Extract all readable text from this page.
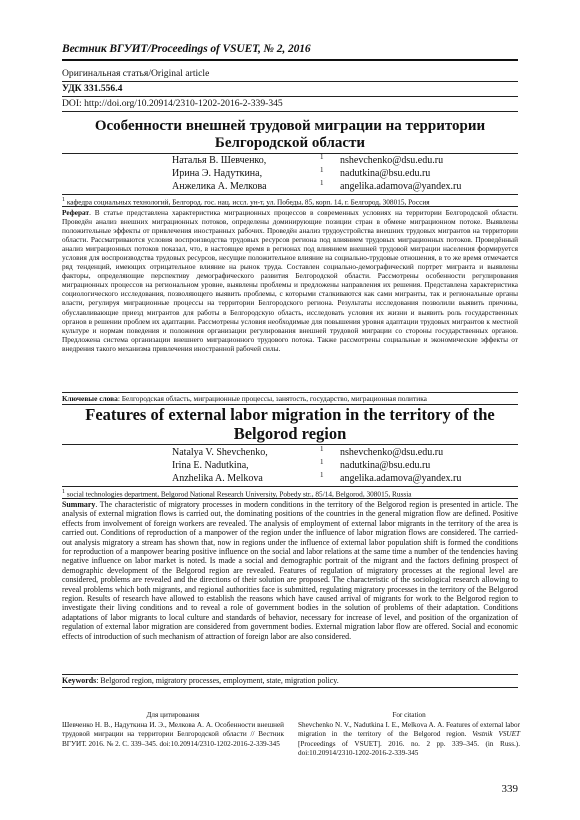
Вестник ВГУИТ/Proceedings of VSUET, № 2, 2016
Оригинальная статья/Original article
УДК 331.556.4
DOI: http://doi.org/10.20914/2310-1202-2016-2-339-345
Особенности внешней трудовой миграции на территории Белгородской области
Наталья В. Шевченко,	1 nshevchenko@dsu.edu.ru
Ирина Э. Надуткина,	1 nadutkina@bsu.edu.ru
Анжелика А. Мелкова	1 angelika.adamova@yandex.ru
$^1$ кафедра социальных технологий, Белгород. гос. нац. иссл. ун-т, ул. Победы, 85, корп. 14, г. Белгород, 308015, Россия
Реферат. В статье представлена характеристика миграционных процессов в современных условиях на территории Белгородской области. Проведён анализ внешних миграционных потоков, определены доминирующие позиции стран в обмене миграционном потоке. Выявлены положительные эффекты от привлечения иностранных рабочих. Проведён анализ трудоустройства внешних трудовых мигрантов на территории области. Рассматриваются условия воспроизводства трудовых ресурсов региона под влиянием трудовых миграционных потоков. Проведённый анализ миграционных потоков показал, что, в настоящее время в регионах под влиянием внешней трудовой миграции населения формируется условия для воспроизводства трудовых ресурсов, несущие положительное влияние на социально-трудовые отношения, в то же время отмечается ряд тенденций, имеющих отрицательное влияние на рынок труда. Составлен социально-демографический портрет мигранта и выявлены факторы, определяющие перспективу демографического развития Белгородской области. Рассмотрены особенности регулирования миграционных процессов на региональном уровне, выявлены проблемы и предложены направления их решения. Представлена характеристика социологического исследования, позволяющего выявить проблемы, с которыми сталкиваются как сами мигранты, так и региональные органы власти, регулируя миграционные процессы на территории Белгородского региона. Результаты исследования позволили выявить причины, обуславливающие приезд мигрантов для работы в Белгородскую область, исследовать условия их жизни и выявить роль государственных органов в решении проблем их адаптации. Рассмотрены условия необходимые для повышения уровня адаптации трудовых мигрантов к местной культуре и нормам поведения и положения организации регулирования внешней трудовой миграции со стороны государственных органов. Предложена система организации внешнего миграционного трудового потока. Также рассмотрены социальные и экономические эффекты от внедрения такого механизма привлечения иностранной рабочей силы.
Ключевые слова: Белгородская область, миграционные процессы, занятость, государство, миграционная политика
Features of external labor migration in the territory of the Belgorod region
Natalya V. Shevchenko,	1 nshevchenko@dsu.edu.ru
Irina E. Nadutkina,	1 nadutkina@bsu.edu.ru
Anzhelika A. Melkova	1 angelika.adamova@yandex.ru
$^1$ social technologies department, Belgorod National Research University, Pobedy str., 85/14, Belgorod, 308015, Russia
Summary. The characteristic of migratory processes in modern conditions in the territory of the Belgorod region is presented in article. The analysis of external migration flows is carried out, the dominating positions of the countries in the general migration flow are defined. Positive effects from involvement of foreign workers are revealed. The analysis of employment of external labor migrants in the territory of the area is carried out. Conditions of reproduction of a manpower of the region under the influence of labor migration flows are considered. The carried-out analysis migratory a stream has shown that, now in regions under the influence of external labor population shift is formed the conditions for reproduction of a manpower bearing positive influence on the social and labor relations at the same time a number of the tendencies having negative influence on labor market is noted. Is made a social and demographic portrait of the migrant and the factors defining prospect of demographic development of the Belgorod region are revealed. Features of regulation of migratory processes at the regional level are considered, problems are revealed and the directions of their solution are proposed. The characteristic of the sociological research allowing to reveal problems which both migrants, and regional authorities face is submitted, regulating migratory processes in the territory of the Belgorod region. Results of research have allowed to establish the reasons which have caused arrival of migrants for work to the Belgorod region to investigate their living conditions and to reveal a role of government bodies in the solution of problems of their adaptation. Conditions adaptations of labor migrants to local culture and standards of behavior, necessary for increase of level, and position of the organization of regulation of external labor migration are considered from government bodies. External migration labor flow are offered. Social and economic effects of introduction of such mechanism of attraction of foreign labor are also considered.
Keywords: Belgorod region, migratory processes, employment, state, migration policy.
Для цитирования
Шевченко Н. В., Надуткина И. Э., Мелкова А. А. Особенности внешней трудовой миграции на территории Белгородской области // Вестник ВГУИТ. 2016. № 2. С. 339–345. doi:10.20914/2310-1202-2016-2-339-345
For citation
Shevchenko N. V., Nadutkina I. E., Melkova A. A. Features of external labor migration in the territory of the Belgorod region. Vestnik VSUET [Proceedings of VSUET]. 2016. no. 2 pp. 339–345. (in Russ.). doi:10.20914/2310-1202-2016-2-339-345
339
